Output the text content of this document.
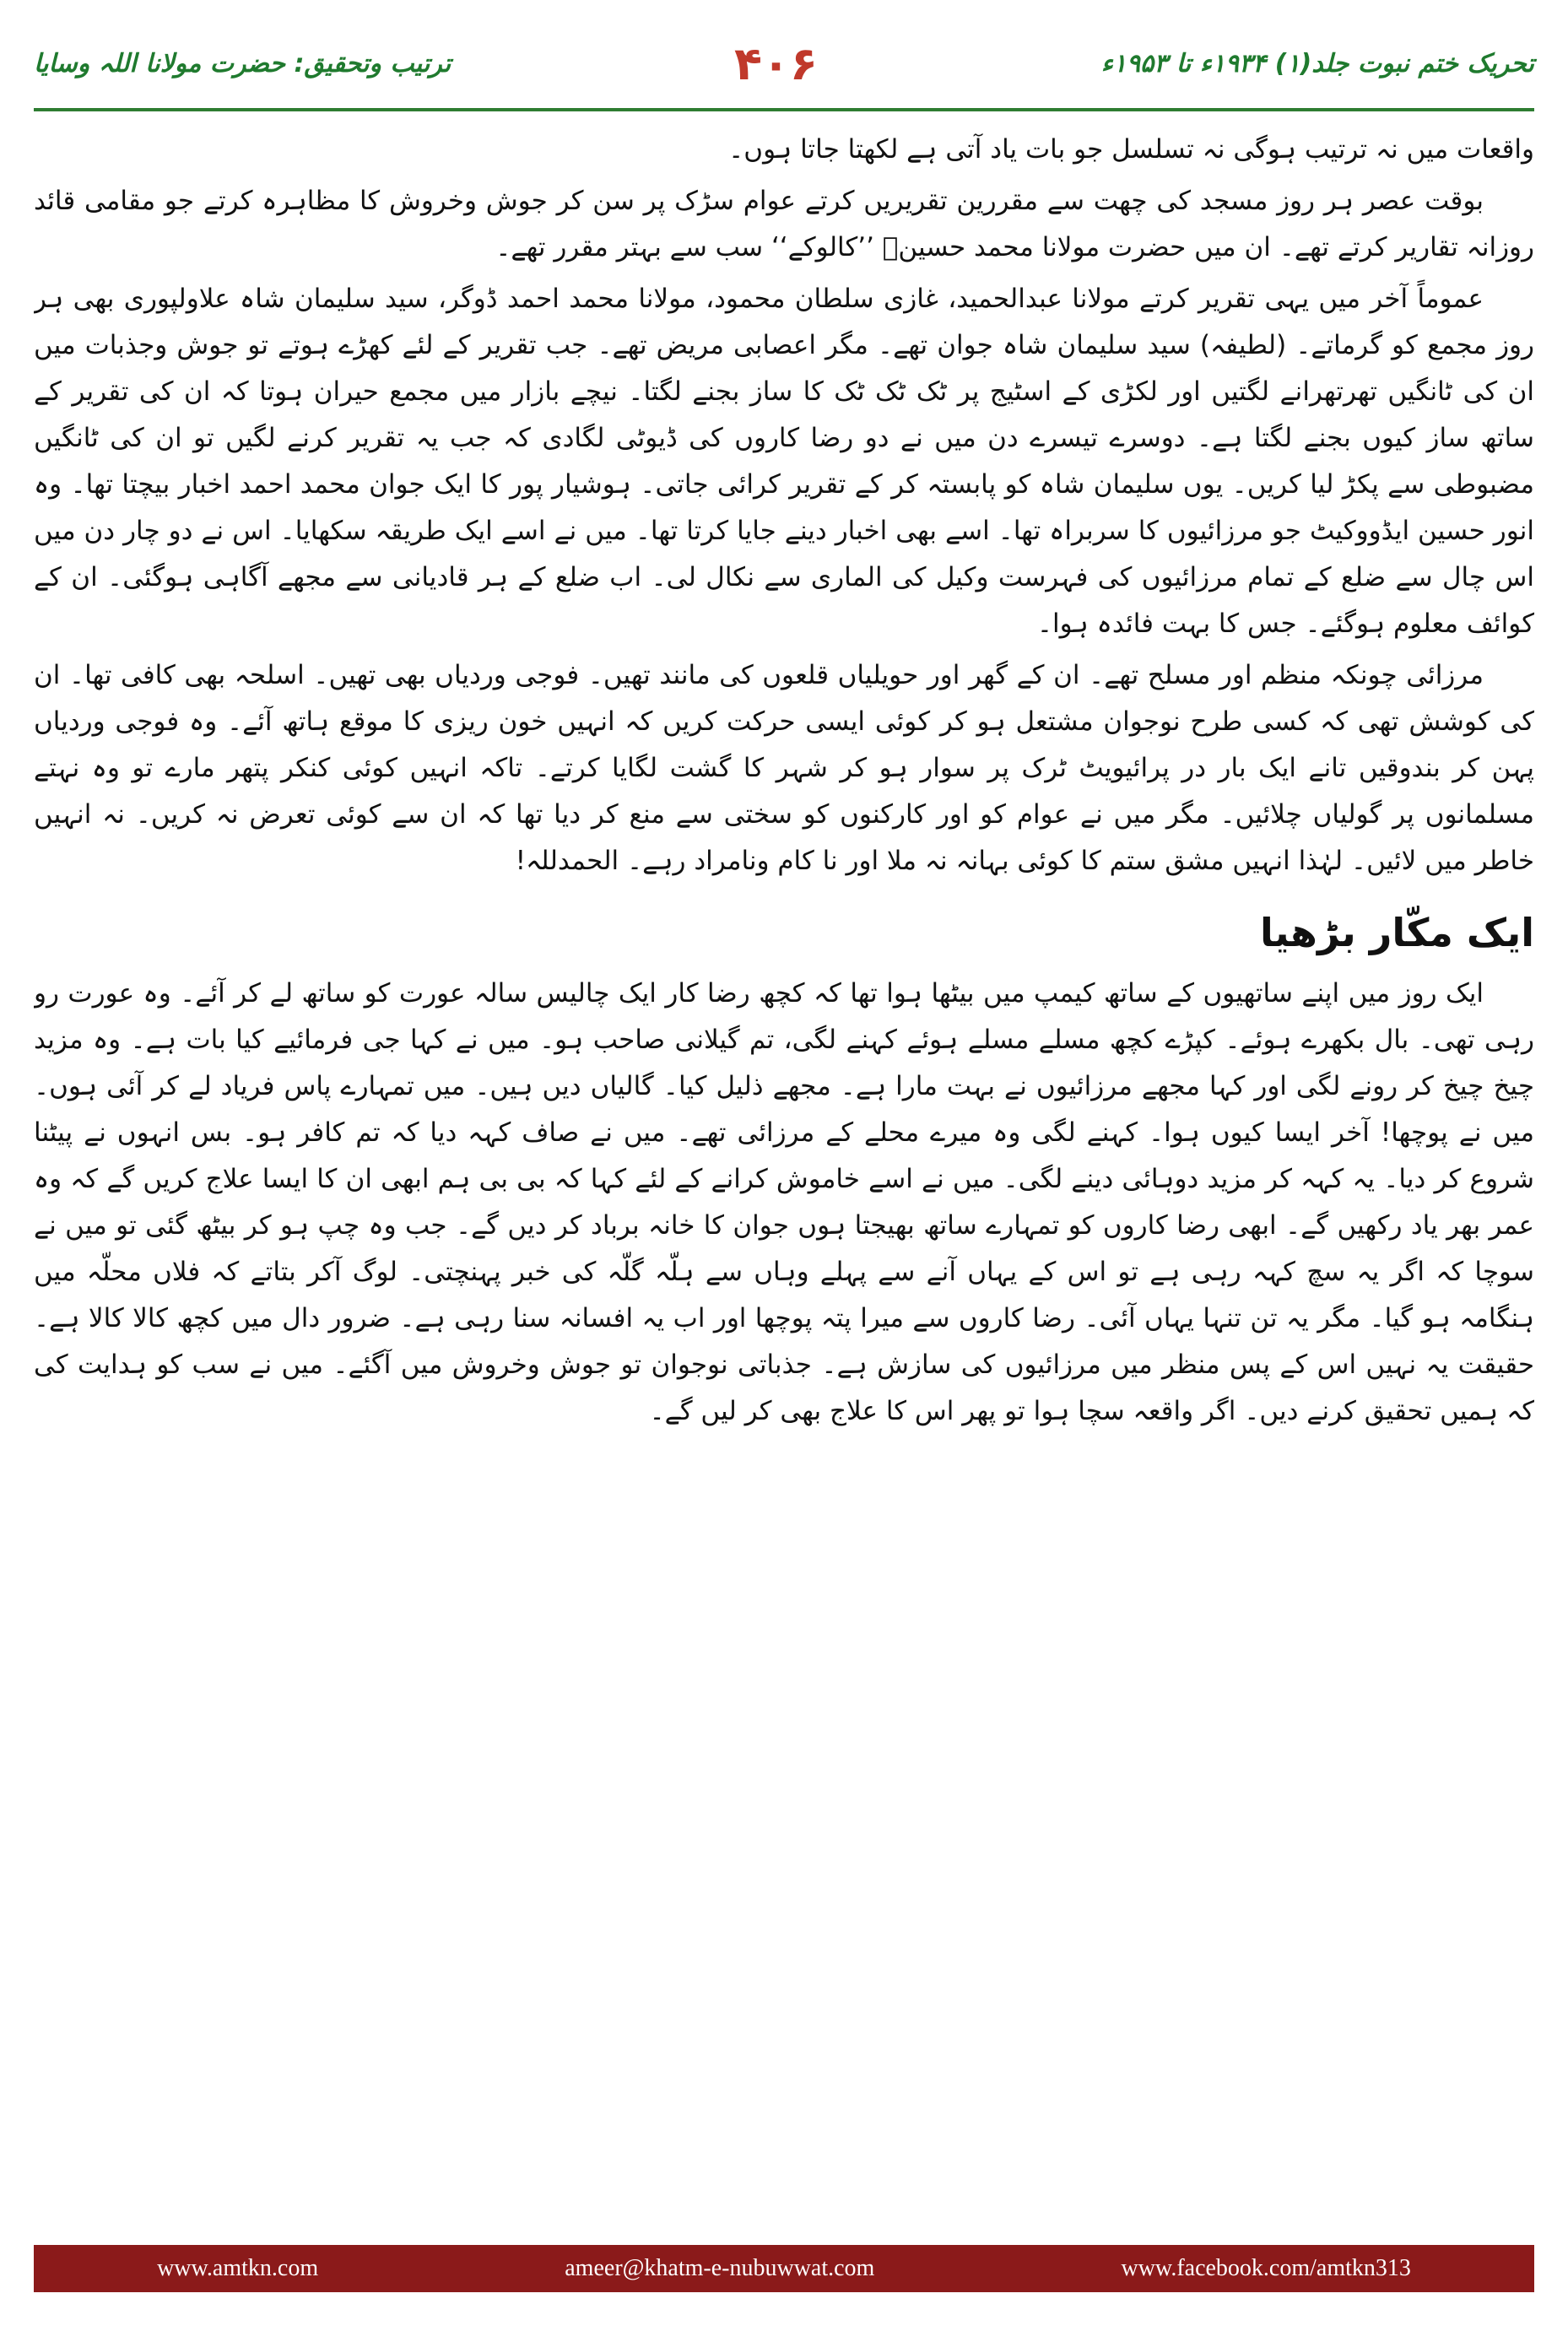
ترتیب وتحقیق: حضرت مولانا اللہ وسایا	۴۰۶	تحریک ختم نبوت جلد(۱) ۱۹۳۴ء تا ۱۹۵۳ء

واقعات میں نہ ترتیب ہوگی نہ تسلسل جو بات یاد آتی ہے لکھتا جاتا ہوں۔

بوقت عصر ہر روز مسجد کی چھت سے مقررین تقریریں کرتے عوام سڑک پر سن کر جوش وخروش کا مظاہرہ کرتے جو مقامی قائد روزانہ تقاریر کرتے تھے۔ ان میں حضرت مولانا محمد حسینؒ ’’کالوکے‘‘ سب سے بہتر مقرر تھے۔

عموماً آخر میں یہی تقریر کرتے مولانا عبدالحمید، غازی سلطان محمود، مولانا محمد احمد ڈوگر، سید سلیمان شاہ علاولپوری بھی ہر روز مجمع کو گرماتے۔ (لطیفہ) سید سلیمان شاہ جوان تھے۔ مگر اعصابی مریض تھے۔ جب تقریر کے لئے کھڑے ہوتے تو جوش وجذبات میں ان کی ٹانگیں تھرتھرانے لگتیں اور لکڑی کے اسٹیج پر ٹک ٹک ٹک کا ساز بجنے لگتا۔ نیچے بازار میں مجمع حیران ہوتا کہ ان کی تقریر کے ساتھ ساز کیوں بجنے لگتا ہے۔ دوسرے تیسرے دن میں نے دو رضا کاروں کی ڈیوٹی لگادی کہ جب یہ تقریر کرنے لگیں تو ان کی ٹانگیں مضبوطی سے پکڑ لیا کریں۔ یوں سلیمان شاہ کو پابستہ کر کے تقریر کرائی جاتی۔ ہوشیار پور کا ایک جوان محمد احمد اخبار بیچتا تھا۔ وہ انور حسین ایڈووکیٹ جو مرزائیوں کا سربراہ تھا۔ اسے بھی اخبار دینے جایا کرتا تھا۔ میں نے اسے ایک طریقہ سکھایا۔ اس نے دو چار دن میں اس چال سے ضلع کے تمام مرزائیوں کی فہرست وکیل کی الماری سے نکال لی۔ اب ضلع کے ہر قادیانی سے مجھے آگاہی ہوگئی۔ ان کے کوائف معلوم ہوگئے۔ جس کا بہت فائدہ ہوا۔

مرزائی چونکہ منظم اور مسلح تھے۔ ان کے گھر اور حویلیاں قلعوں کی مانند تھیں۔ فوجی وردیاں بھی تھیں۔ اسلحہ بھی کافی تھا۔ ان کی کوشش تھی کہ کسی طرح نوجوان مشتعل ہو کر کوئی ایسی حرکت کریں کہ انہیں خون ریزی کا موقع ہاتھ آئے۔ وہ فوجی وردیاں پہن کر بندوقیں تانے ایک بار در پرائیویٹ ٹرک پر سوار ہو کر شہر کا گشت لگایا کرتے۔ تاکہ انہیں کوئی کنکر پتھر مارے تو وہ نہتے مسلمانوں پر گولیاں چلائیں۔ مگر میں نے عوام کو اور کارکنوں کو سختی سے منع کر دیا تھا کہ ان سے کوئی تعرض نہ کریں۔ نہ انہیں خاطر میں لائیں۔ لہٰذا انہیں مشق ستم کا کوئی بہانہ نہ ملا اور نا کام ونامراد رہے۔ الحمدللہ!

ایک مکّار بڑھیا

ایک روز میں اپنے ساتھیوں کے ساتھ کیمپ میں بیٹھا ہوا تھا کہ کچھ رضا کار ایک چالیس سالہ عورت کو ساتھ لے کر آئے۔ وہ عورت رو رہی تھی۔ بال بکھرے ہوئے۔ کپڑے کچھ مسلے مسلے ہوئے کہنے لگی، تم گیلانی صاحب ہو۔ میں نے کہا جی فرمائیے کیا بات ہے۔ وہ مزید چیخ چیخ کر رونے لگی اور کہا مجھے مرزائیوں نے بہت مارا ہے۔ مجھے ذلیل کیا۔ گالیاں دیں ہیں۔ میں تمہارے پاس فریاد لے کر آئی ہوں۔ میں نے پوچھا! آخر ایسا کیوں ہوا۔ کہنے لگی وہ میرے محلے کے مرزائی تھے۔ میں نے صاف کہہ دیا کہ تم کافر ہو۔ بس انہوں نے پیٹنا شروع کر دیا۔ یہ کہہ کر مزید دوہائی دینے لگی۔ میں نے اسے خاموش کرانے کے لئے کہا کہ بی بی ہم ابھی ان کا ایسا علاج کریں گے کہ وہ عمر بھر یاد رکھیں گے۔ ابھی رضا کاروں کو تمہارے ساتھ بھیجتا ہوں جوان کا خانہ برباد کر دیں گے۔ جب وہ چپ ہو کر بیٹھ گئی تو میں نے سوچا کہ اگر یہ سچ کہہ رہی ہے تو اس کے یہاں آنے سے پہلے وہاں سے ہلّہ گلّہ کی خبر پہنچتی۔ لوگ آکر بتاتے کہ فلاں محلّہ میں ہنگامہ ہو گیا۔ مگر یہ تن تنہا یہاں آئی۔ رضا کاروں سے میرا پتہ پوچھا اور اب یہ افسانہ سنا رہی ہے۔ ضرور دال میں کچھ کالا کالا ہے۔ حقیقت یہ نہیں اس کے پس منظر میں مرزائیوں کی سازش ہے۔ جذباتی نوجوان تو جوش وخروش میں آگئے۔ میں نے سب کو ہدایت کی کہ ہمیں تحقیق کرنے دیں۔ اگر واقعہ سچا ہوا تو پھر اس کا علاج بھی کر لیں گے۔

www.amtkn.com	ameer@khatm-e-nubuwwat.com	www.facebook.com/amtkn313
